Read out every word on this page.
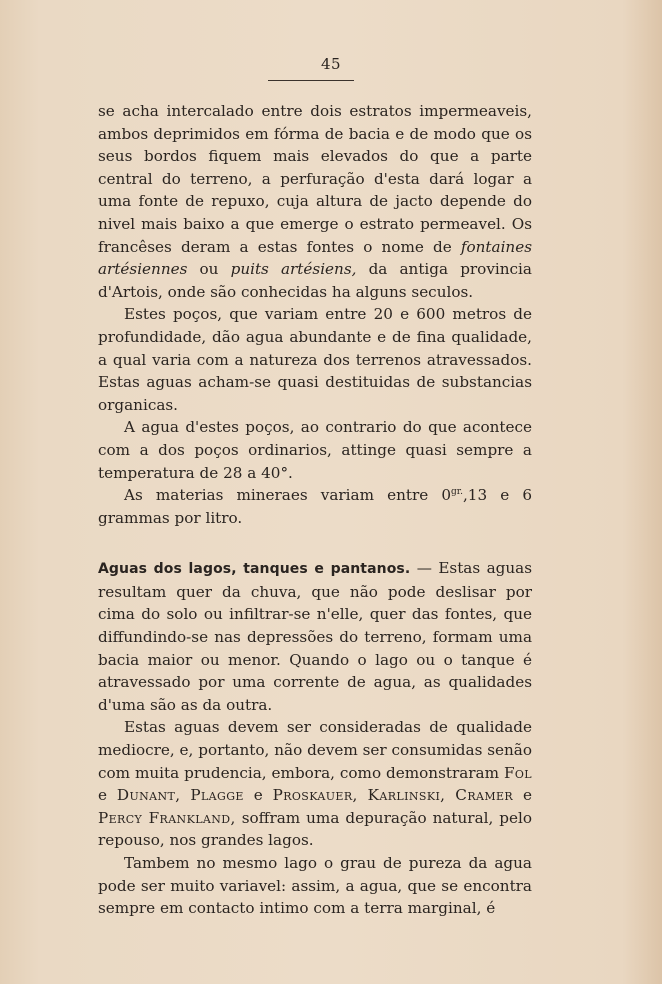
45

se acha intercalado entre dois estratos impermeaveis, ambos deprimidos em fórma de bacia e de modo que os seus bordos fiquem mais elevados do que a parte central do terreno, a perfuração d'esta dará logar a uma fonte de repuxo, cuja altura de jacto depende do nivel mais baixo a que emerge o estrato permeavel. Os francêses deram a estas fontes o nome de fontaines artésiennes ou puits artésiens, da antiga provincia d'Artois, onde são conhecidas ha alguns seculos.

Estes poços, que variam entre 20 e 600 metros de profundidade, dão agua abundante e de fina qualidade, a qual varia com a natureza dos terrenos atravessados. Estas aguas acham-se quasi destituidas de substancias organicas.

A agua d'estes poços, ao contrario do que acontece com a dos poços ordinarios, attinge quasi sempre a temperatura de 28 a 40°.

As materias mineraes variam entre $0^{gr.},13$ e 6 grammas por litro.

Aguas dos lagos, tanques e pantanos. — Estas aguas resultam quer da chuva, que não pode deslisar por cima do solo ou infiltrar-se n'elle, quer das fontes, que diffundindo-se nas depressões do terreno, formam uma bacia maior ou menor. Quando o lago ou o tanque é atravessado por uma corrente de agua, as qualidades d'uma são as da outra.

Estas aguas devem ser consideradas de qualidade mediocre, e, portanto, não devem ser consumidas senão com muita prudencia, embora, como demonstraram Fol e Dunant, Plagge e Proskauer, Karlinski, Cramer e Percy Frankland, soffram uma depuração natural, pelo repouso, nos grandes lagos.

Tambem no mesmo lago o grau de pureza da agua pode ser muito variavel: assim, a agua, que se encontra sempre em contacto intimo com a terra marginal, é
